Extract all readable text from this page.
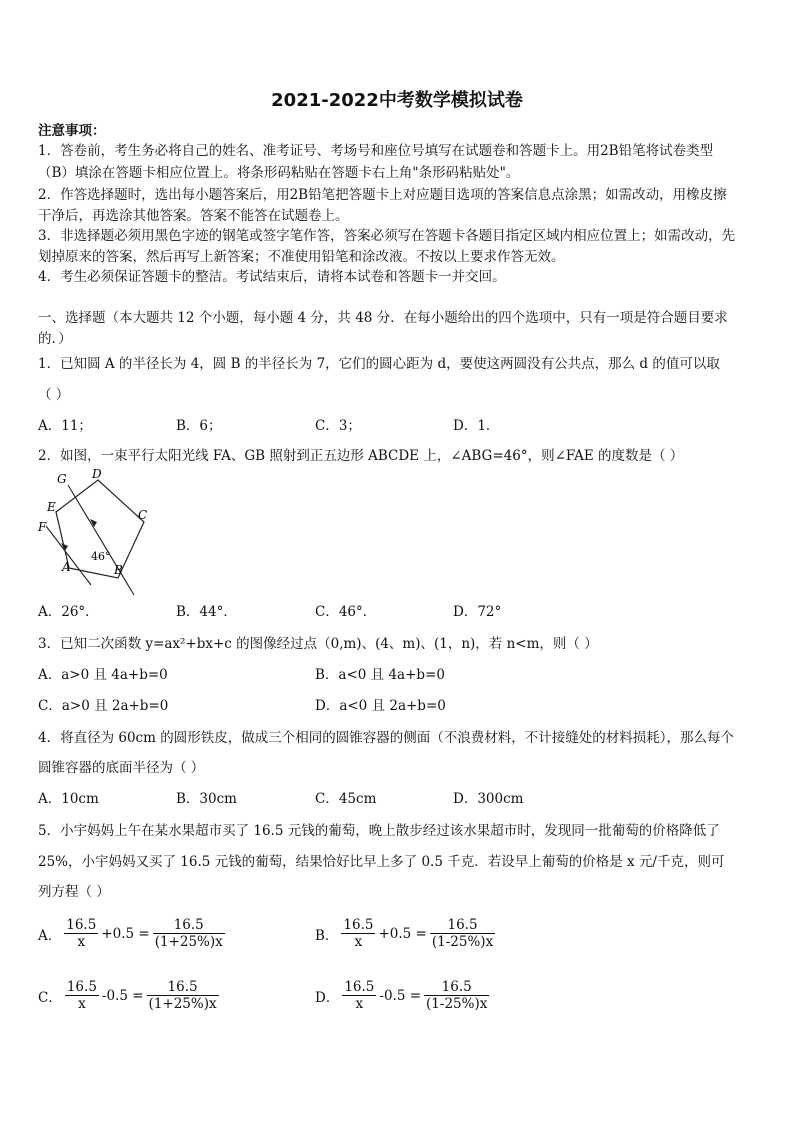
2021-2022中考数学模拟试卷
注意事项：
1．答卷前，考生务必将自己的姓名、准考证号、考场号和座位号填写在试题卷和答题卡上。用2B铅笔将试卷类型
（B）填涂在答题卡相应位置上。将条形码粘贴在答题卡右上角"条形码粘贴处"。
2．作答选择题时，选出每小题答案后，用2B铅笔把答题卡上对应题目选项的答案信息点涂黑；如需改动，用橡皮擦
干净后，再选涂其他答案。答案不能答在试题卷上。
3．非选择题必须用黑色字迹的钢笔或签字笔作答，答案必须写在答题卡各题目指定区域内相应位置上；如需改动，先
划掉原来的答案，然后再写上新答案；不准使用铅笔和涂改液。不按以上要求作答无效。
4．考生必须保证答题卡的整洁。考试结束后，请将本试卷和答题卡一并交回。
一、选择题（本大题共 12 个小题，每小题 4 分，共 48 分．在每小题给出的四个选项中，只有一项是符合题目要求
的．）
1．已知圆 A 的半径长为 4，圆 B 的半径长为 7，它们的圆心距为 d，要使这两圆没有公共点，那么 d 的值可以取
（ ）
A．11；	B．6；	C．3；	D．1．
2．如图，一束平行太阳光线 FA、GB 照射到正五边形 ABCDE 上，∠ABG=46°，则∠FAE 的度数是（ ）
G D
C
E
F
A	B
46°
A．26°．	B．44°．	C．46°．	D．72°
3．已知二次函数 y=ax²+bx+c 的图像经过点（0,m)、(4、m)、(1，n)，若 n<m，则（ ）
A．a>0 且 4a+b=0	B．a<0 且 4a+b=0
C．a>0 且 2a+b=0	D．a<0 且 2a+b=0
4．将直径为 60cm 的圆形铁皮，做成三个相同的圆锥容器的侧面（不浪费材料，不计接缝处的材料损耗），那么每个
圆锥容器的底面半径为（ ）
A．10cm	B．30cm	C．45cm	D．300cm
5．小宇妈妈上午在某水果超市买了 16.5 元钱的葡萄，晚上散步经过该水果超市时，发现同一批葡萄的价格降低了
25%，小宇妈妈又买了 16.5 元钱的葡萄，结果恰好比早上多了 0.5 千克．若设早上葡萄的价格是 x 元/千克，则可
列方程（ ）
A． $\frac{16.5}{x} +0.5 = \frac{16.5}{(1+25\%)x}$	B． $\frac{16.5}{x} +0.5 = \frac{16.5}{(1-25\%)x}$
C． $\frac{16.5}{x} -0.5 = \frac{16.5}{(1+25\%)x}$	D． $\frac{16.5}{x} -0.5 = \frac{16.5}{(1-25\%)x}$
